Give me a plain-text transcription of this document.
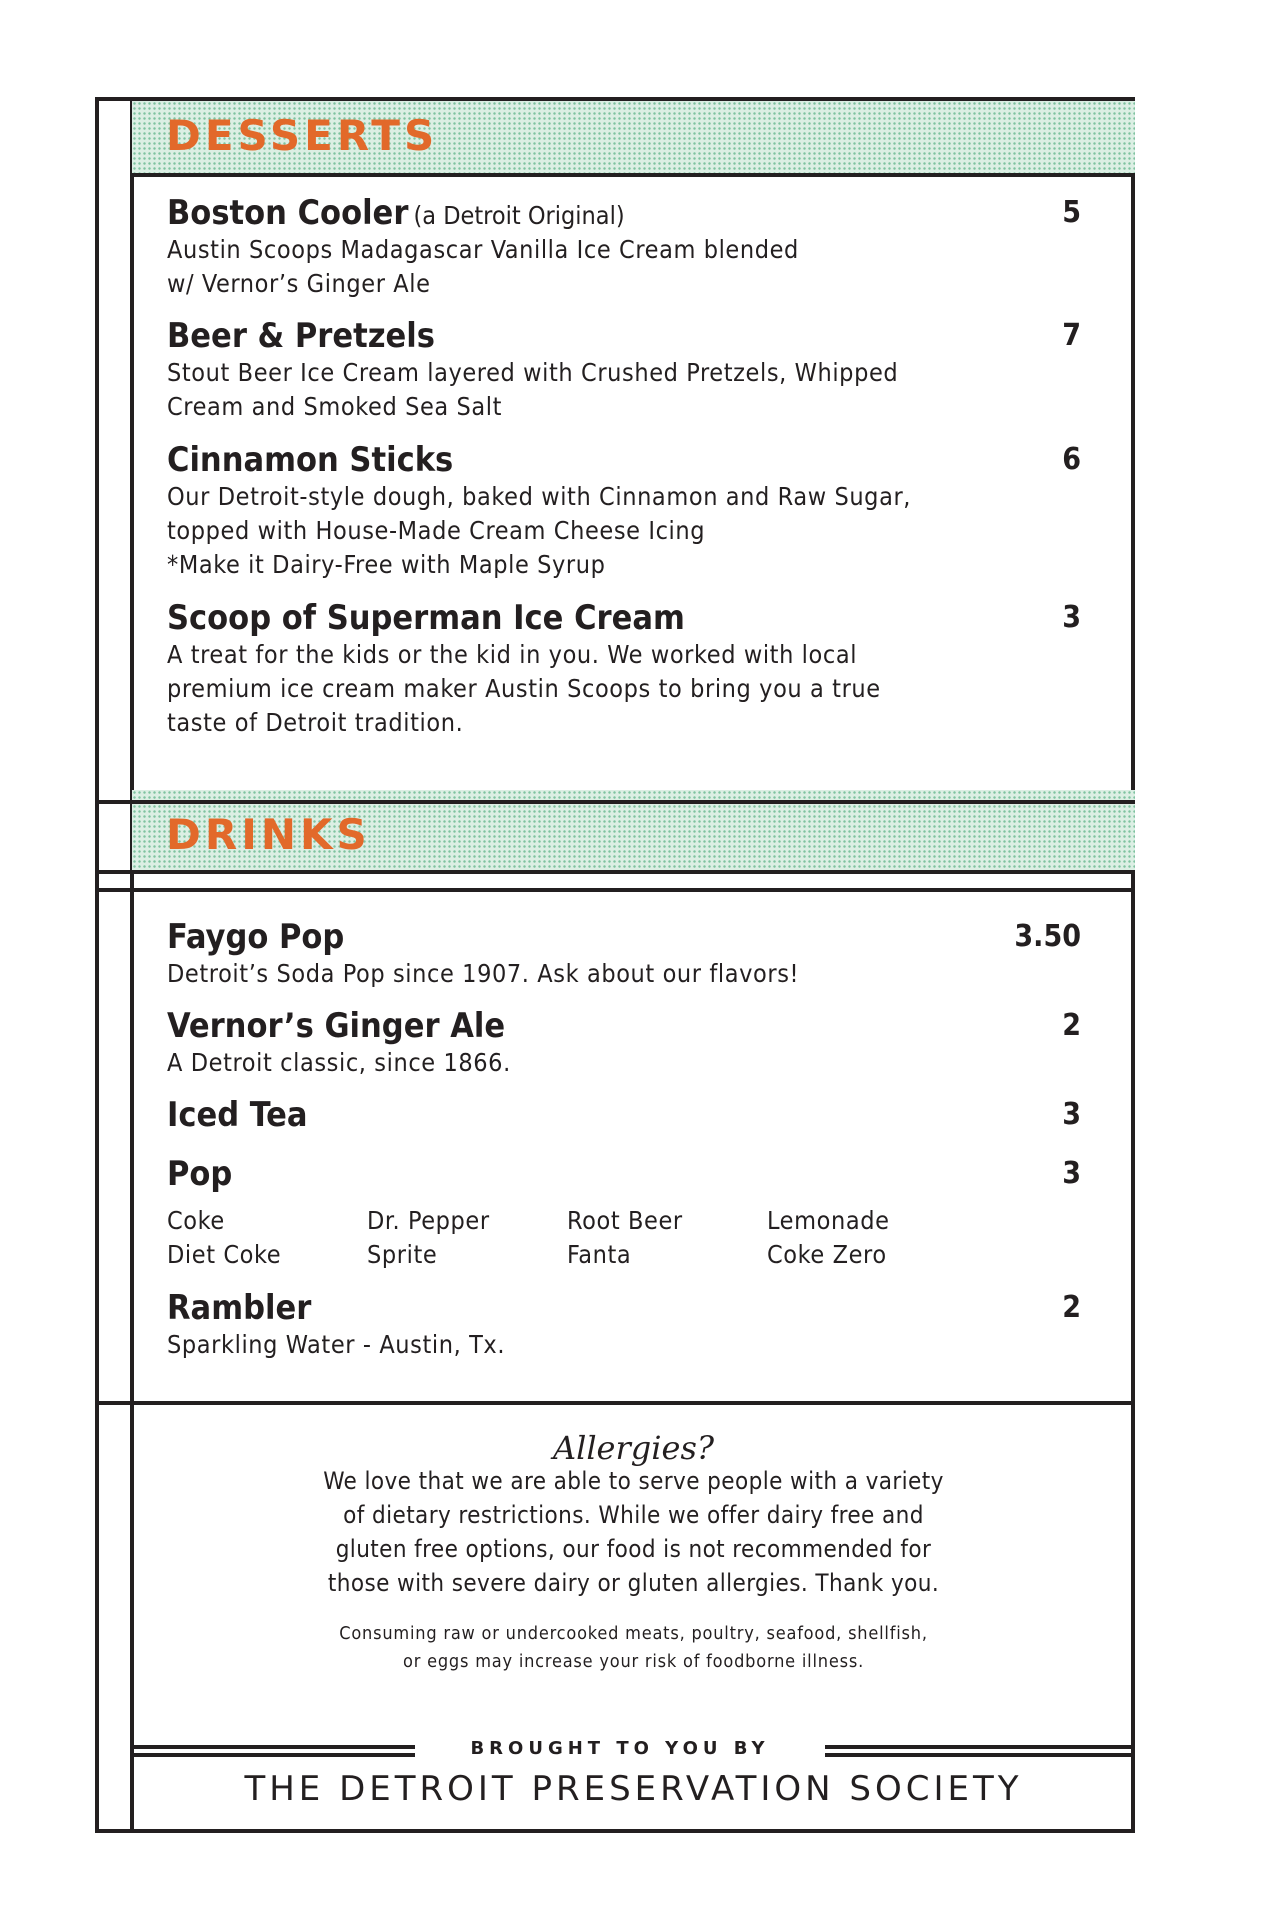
DESSERTS
Boston Cooler (a Detroit Original)	5
Austin Scoops Madagascar Vanilla Ice Cream blended
w/ Vernor’s Ginger Ale
Beer & Pretzels	7
Stout Beer Ice Cream layered with Crushed Pretzels, Whipped
Cream and Smoked Sea Salt
Cinnamon Sticks	6
Our Detroit-style dough, baked with Cinnamon and Raw Sugar,
topped with House-Made Cream Cheese Icing
*Make it Dairy-Free with Maple Syrup
Scoop of Superman Ice Cream	3
A treat for the kids or the kid in you. We worked with local
premium ice cream maker Austin Scoops to bring you a true
taste of Detroit tradition.
DRINKS
Faygo Pop	3.50
Detroit’s Soda Pop since 1907. Ask about our flavors!
Vernor’s Ginger Ale	2
A Detroit classic, since 1866.
Iced Tea	3
Pop	3
Coke	Dr. Pepper	Root Beer	Lemonade
Diet Coke	Sprite	Fanta	Coke Zero
Rambler	2
Sparkling Water - Austin, Tx.
Allergies?
We love that we are able to serve people with a variety
of dietary restrictions. While we offer dairy free and
gluten free options, our food is not recommended for
those with severe dairy or gluten allergies. Thank you.
Consuming raw or undercooked meats, poultry, seafood, shellfish,
or eggs may increase your risk of foodborne illness.
BROUGHT TO YOU BY
THE DETROIT PRESERVATION SOCIETY
